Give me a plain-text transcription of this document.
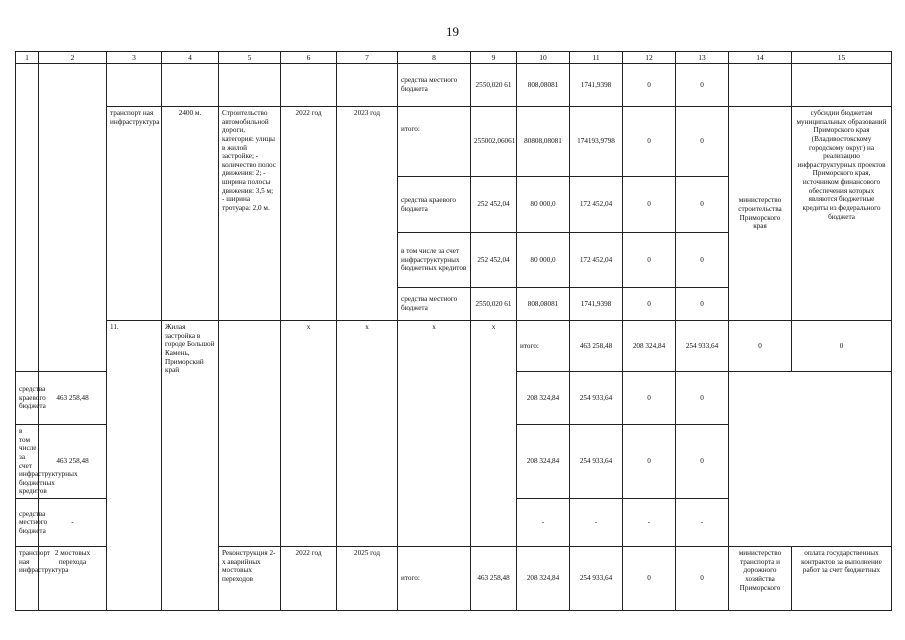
19
1	2	3	4	5	6	7	8	9	10	11	12	13	14	15	
							средства местного бюджета	2550,020 61	808,08081	1741,9398	0	0			
		транспорт ная инфраструктура	2400 м.	Строительство автомобильной дороги, категория: улицы в жилой застройке; - количество полос движения: 2; - ширина полосы движения: 3,5 м; - ширина тротуара: 2,0 м.	2022 год	2023 год	итого:	255002,06061	80808,08081	174193,9798	0	0	министерство строительства Приморского края	субсидии бюджетам муниципальных образований Приморского края (Владивостокскому городскому округ) на реализацию инфраструктурных проектов Приморского края, источником финансового обеспечения которых являются бюджетные кредиты из федерального бюджета	
							средства краевого бюджета	252 452,04	80 000,0	172 452,04	0	0			
							в том числе за счет инфраструктурных бюджетных кредитов	252 452,04	80 000,0	172 452,04	0	0			
							средства местного бюджета	2550,020 61	808,08081	1741,9398	0	0			
		11.	Жилая застройка в городе Большой Камень, Приморский край		x	x	x	x	итого:	463 258,48	208 324,84	254 933,64	0	0		
средства краевого бюджета	463 258,48								208 324,84	254 933,64	0	0			
в том числе за счет инфраструктурных бюджетных кредитов	463 258,48								208 324,84	254 933,64	0	0			
средства местного бюджета	-								-	-	-	-			
транспорт ная инфраструктура	2 мостовых перехода			Реконструкция 2-х аварийных мостовых переходов	2022 год	2025 год	итого:	463 258,48	208 324,84	254 933,64	0	0	министерство транспорта и дорожного хозяйства Приморского	оплата государственных контрактов за выполнение работ за счет бюджетных	
